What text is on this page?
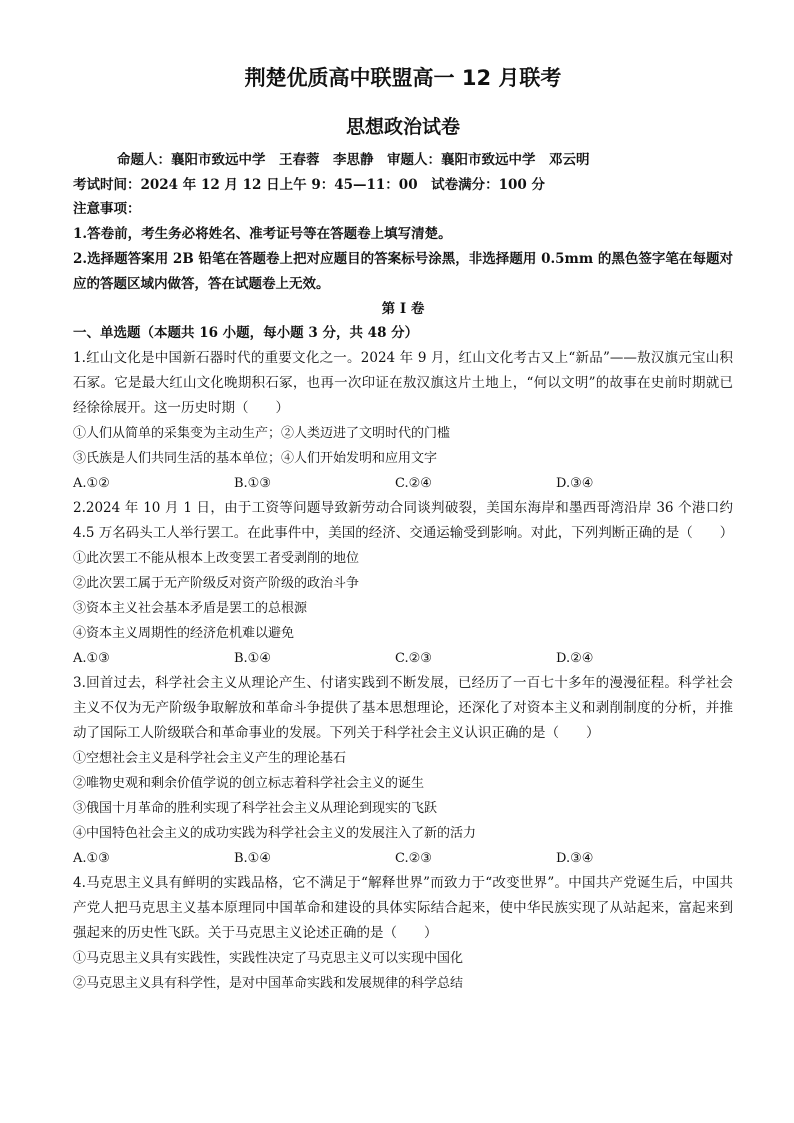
荆楚优质高中联盟高一 12 月联考
思想政治试卷
命题人：襄阳市致远中学　王春蓉　李思静　审题人：襄阳市致远中学　邓云明
考试时间：2024 年 12 月 12 日上午 9：45—11：00　试卷满分：100 分
注意事项：
1.答卷前，考生务必将姓名、准考证号等在答题卷上填写清楚。
2.选择题答案用 2B 铅笔在答题卷上把对应题目的答案标号涂黑，非选择题用 0.5mm 的黑色签字笔在每题对应的答题区域内做答，答在试题卷上无效。
第 I 卷
一、单选题（本题共 16 小题，每小题 3 分，共 48 分）
1.红山文化是中国新石器时代的重要文化之一。2024 年 9 月，红山文化考古又上“新品”——敖汉旗元宝山积石冢。它是最大红山文化晚期积石冢，也再一次印证在敖汉旗这片土地上，“何以文明”的故事在史前时期就已经徐徐展开。这一历史时期（　　）
①人们从简单的采集变为主动生产；②人类迈进了文明时代的门槛
③氏族是人们共同生活的基本单位；④人们开始发明和应用文字
A.①②	B.①③	C.②④	D.③④
2.2024 年 10 月 1 日，由于工资等问题导致新劳动合同谈判破裂，美国东海岸和墨西哥湾沿岸 36 个港口约 4.5 万名码头工人举行罢工。在此事件中，美国的经济、交通运输受到影响。对此，下列判断正确的是（　　）
①此次罢工不能从根本上改变罢工者受剥削的地位
②此次罢工属于无产阶级反对资产阶级的政治斗争
③资本主义社会基本矛盾是罢工的总根源
④资本主义周期性的经济危机难以避免
A.①③	B.①④	C.②③	D.②④
3.回首过去，科学社会主义从理论产生、付诸实践到不断发展，已经历了一百七十多年的漫漫征程。科学社会主义不仅为无产阶级争取解放和革命斗争提供了基本思想理论，还深化了对资本主义和剥削制度的分析，并推动了国际工人阶级联合和革命事业的发展。下列关于科学社会主义认识正确的是（　　）
①空想社会主义是科学社会主义产生的理论基石
②唯物史观和剩余价值学说的创立标志着科学社会主义的诞生
③俄国十月革命的胜利实现了科学社会主义从理论到现实的飞跃
④中国特色社会主义的成功实践为科学社会主义的发展注入了新的活力
A.①③	B.①④	C.②③	D.③④
4.马克思主义具有鲜明的实践品格，它不满足于“解释世界”而致力于“改变世界”。中国共产党诞生后，中国共产党人把马克思主义基本原理同中国革命和建设的具体实际结合起来，使中华民族实现了从站起来，富起来到强起来的历史性飞跃。关于马克思主义论述正确的是（　　）
①马克思主义具有实践性，实践性决定了马克思主义可以实现中国化
②马克思主义具有科学性，是对中国革命实践和发展规律的科学总结
